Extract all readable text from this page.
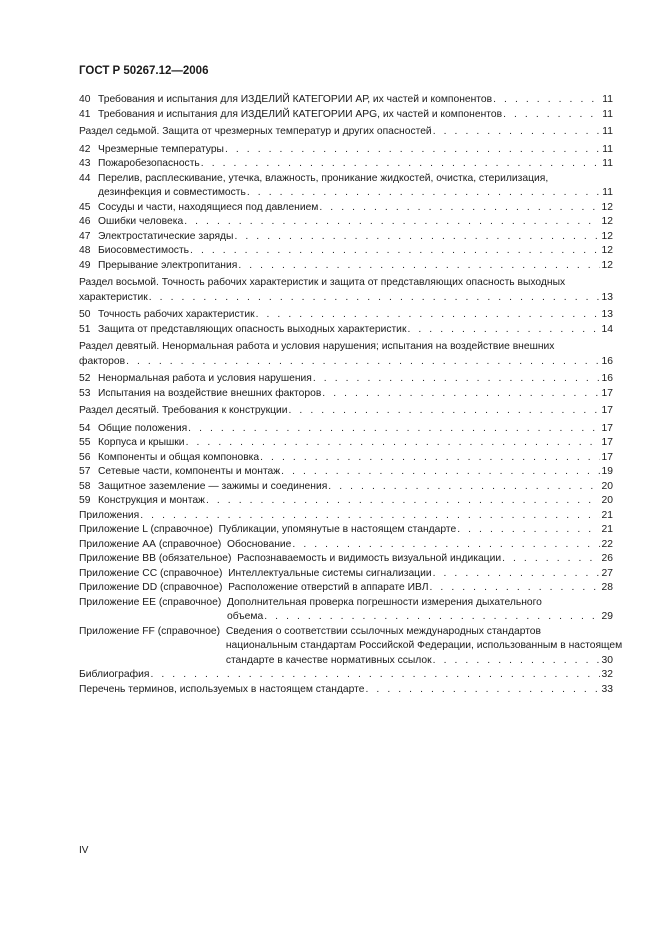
ГОСТ Р 50267.12—2006
40 Требования и испытания для ИЗДЕЛИЙ КАТЕГОРИИ АР, их частей и компонентов . . .	11
41 Требования и испытания для ИЗДЕЛИЙ КАТЕГОРИИ APG, их частей и компонентов . . .	11
Раздел седьмой. Защита от чрезмерных температур и других опасностей . . .	11
42 Чрезмерные температуры . . .	11
43 Пожаробезопасность . . .	11
44 Перелив, расплескивание, утечка, влажность, проникание жидкостей, очистка, стерилизация,
дезинфекция и совместимость . . .	11
45 Сосуды и части, находящиеся под давлением . . .	12
46 Ошибки человека . . .	12
47 Электростатические заряды . . .	12
48 Биосовместимость . . .	12
49 Прерывание электропитания . . .	12
Раздел восьмой. Точность рабочих характеристик и защита от представляющих опасность выходных
характеристик . . .	13
50 Точность рабочих характеристик . . .	13
51 Защита от представляющих опасность выходных характеристик . . .	14
Раздел девятый. Ненормальная работа и условия нарушения; испытания на воздействие внешних
факторов . . .	16
52 Ненормальная работа и условия нарушения . . .	16
53 Испытания на воздействие внешних факторов . . .	17
Раздел десятый. Требования к конструкции . . .	17
54 Общие положения . . .	17
55 Корпуса и крышки . . .	17
56 Компоненты и общая компоновка . . .	17
57 Сетевые части, компоненты и монтаж . . .	19
58 Защитное заземление — зажимы и соединения . . .	20
59 Конструкция и монтаж . . .	20
Приложения . . .	21
Приложение L (справочное) Публикации, упомянутые в настоящем стандарте . . .	21
Приложение АА (справочное) Обоснование . . .	22
Приложение ВВ (обязательное) Распознаваемость и видимость визуальной индикации . . .	26
Приложение СС (справочное) Интеллектуальные системы сигнализации . . .	27
Приложение DD (справочное) Расположение отверстий в аппарате ИВЛ . . .	28
Приложение ЕЕ (справочное) Дополнительная проверка погрешности измерения дыхательного
объема . . .	29
Приложение FF (справочное) Сведения о соответствии ссылочных международных стандартов
национальным стандартам Российской Федерации, использованным в настоящем
стандарте в качестве нормативных ссылок . . .	30
Библиография . . .	32
Перечень терминов, используемых в настоящем стандарте . . .	33
IV
